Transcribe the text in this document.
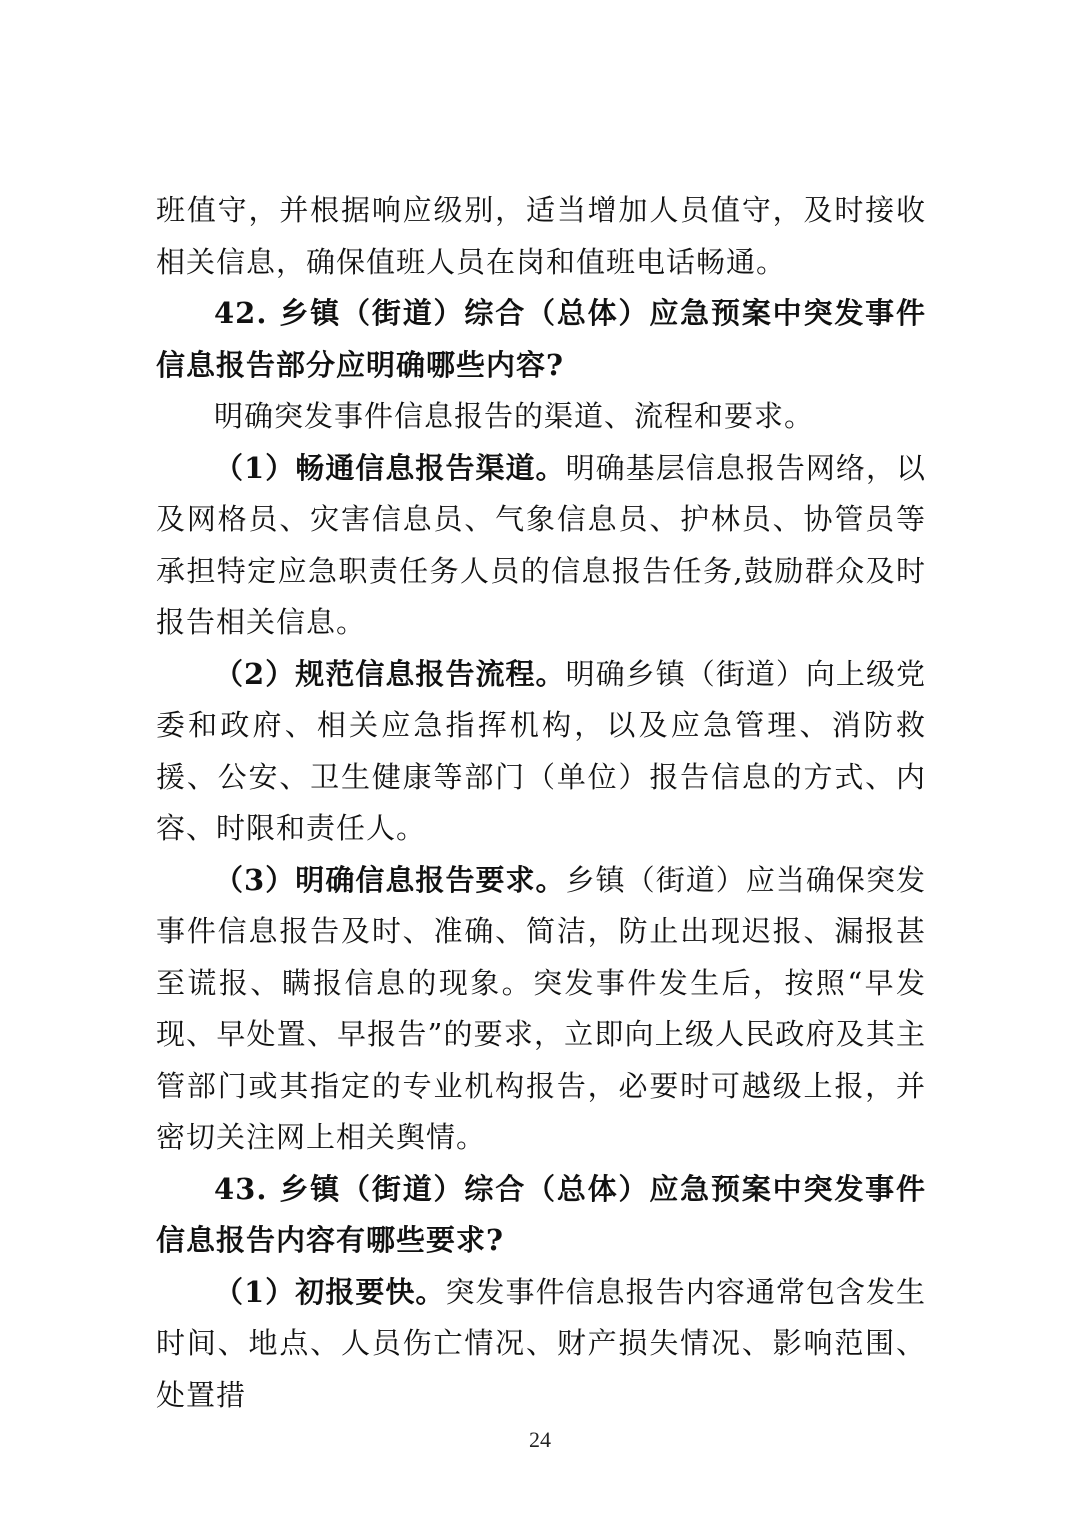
班值守，并根据响应级别，适当增加人员值守，及时接收相关信息，确保值班人员在岗和值班电话畅通。

42. 乡镇（街道）综合（总体）应急预案中突发事件信息报告部分应明确哪些内容?

明确突发事件信息报告的渠道、流程和要求。

（1）畅通信息报告渠道。明确基层信息报告网络，以及网格员、灾害信息员、气象信息员、护林员、协管员等承担特定应急职责任务人员的信息报告任务,鼓励群众及时报告相关信息。

（2）规范信息报告流程。明确乡镇（街道）向上级党委和政府、相关应急指挥机构，以及应急管理、消防救援、公安、卫生健康等部门（单位）报告信息的方式、内容、时限和责任人。

（3）明确信息报告要求。乡镇（街道）应当确保突发事件信息报告及时、准确、简洁，防止出现迟报、漏报甚至谎报、瞒报信息的现象。突发事件发生后，按照“早发现、早处置、早报告”的要求，立即向上级人民政府及其主管部门或其指定的专业机构报告，必要时可越级上报，并密切关注网上相关舆情。

43. 乡镇（街道）综合（总体）应急预案中突发事件信息报告内容有哪些要求?

（1）初报要快。突发事件信息报告内容通常包含发生时间、地点、人员伤亡情况、财产损失情况、影响范围、处置措

24
